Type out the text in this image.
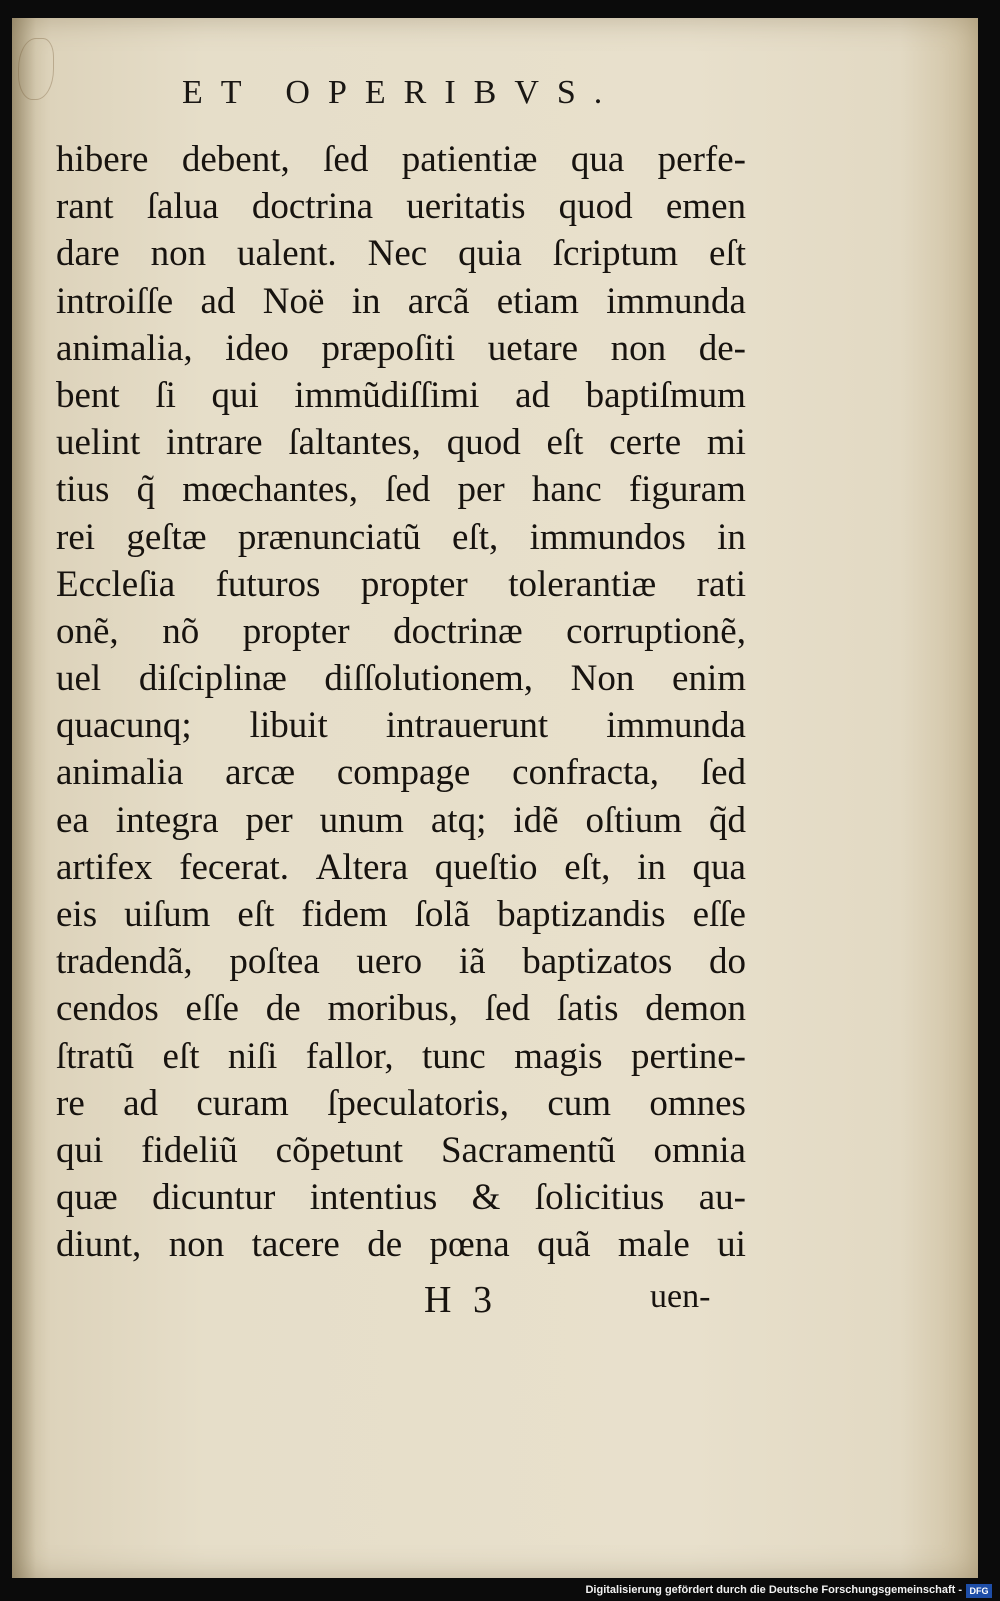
ET OPERIBVS.
hibere debent, ſed patientiæ qua perfe-
rant ſalua doctrina ueritatis quod emen
dare non ualent. Nec quia ſcriptum eſt
introiſſe ad Noë in arcã etiam immunda
animalia, ideo præpoſiti uetare non de-
bent ſi qui immũdiſſimi ad baptiſmum
uelint intrare ſaltantes, quod eſt certe mi
tius q̃ mœchantes, ſed per hanc figuram
rei geſtæ prænunciatũ eſt, immundos in
Eccleſia futuros propter tolerantiæ rati
onẽ, nõ propter doctrinæ corruptionẽ,
uel diſciplinæ diſſolutionem, Non enim
quacunq; libuit intrauerunt immunda
animalia arcæ compage confracta, ſed
ea integra per unum atq; idẽ oſtium q̃d
artifex fecerat. Altera queſtio eſt, in qua
eis uiſum eſt fidem ſolã baptizandis eſſe
tradendã, poſtea uero iã baptizatos do
cendos eſſe de moribus, ſed ſatis demon
ſtratũ eſt niſi fallor, tunc magis pertine-
re ad curam ſpeculatoris, cum omnes
qui fideliũ cõpetunt Sacramentũ omnia
quæ dicuntur intentius & ſolicitius au-
diunt, non tacere de pœna quã male ui
H 3	uen-
Digitalisierung gefördert durch die Deutsche Forschungsgemeinschaft - DFG
